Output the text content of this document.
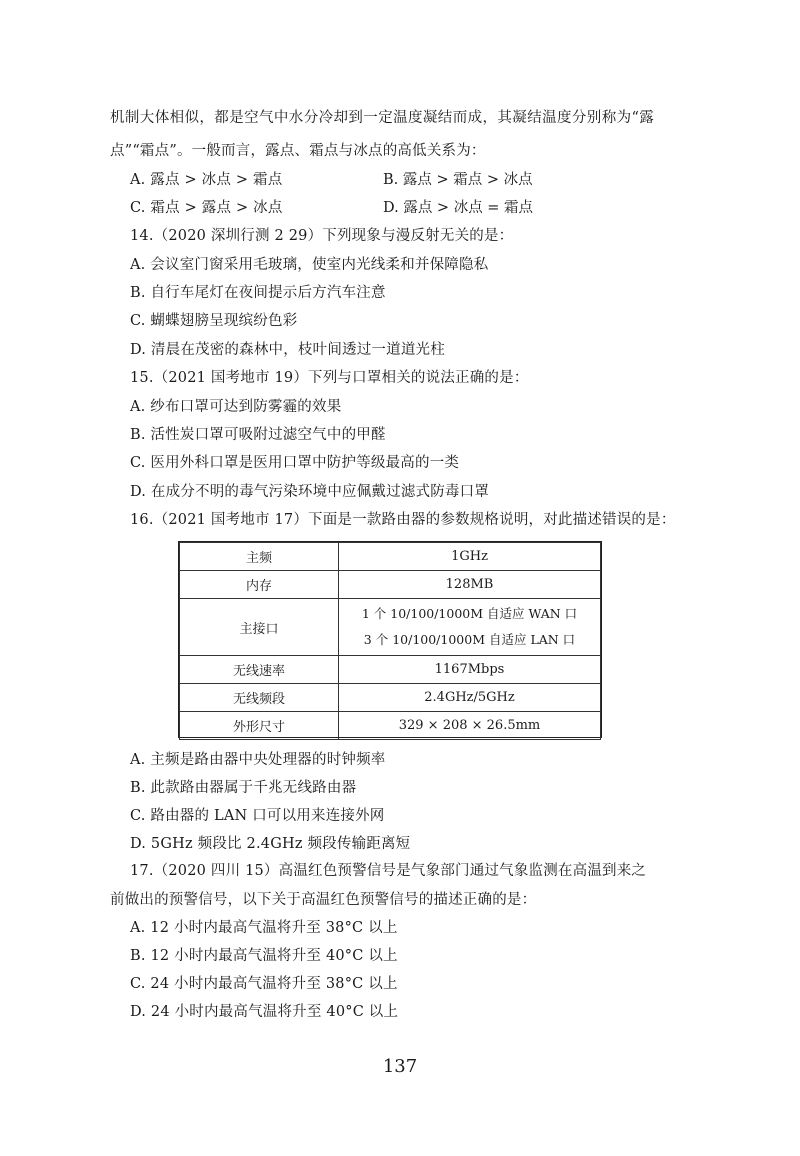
机制大体相似，都是空气中水分冷却到一定温度凝结而成，其凝结温度分别称为“露
点”“霜点”。一般而言，露点、霜点与冰点的高低关系为：
A. 露点 > 冰点 > 霜点	B. 露点 > 霜点 > 冰点
C. 霜点 > 露点 > 冰点	D. 露点 > 冰点 = 霜点
14.（2020 深圳行测 2 29）下列现象与漫反射无关的是：
A. 会议室门窗采用毛玻璃，使室内光线柔和并保障隐私
B. 自行车尾灯在夜间提示后方汽车注意
C. 蝴蝶翅膀呈现缤纷色彩
D. 清晨在茂密的森林中，枝叶间透过一道道光柱
15.（2021 国考地市 19）下列与口罩相关的说法正确的是：
A. 纱布口罩可达到防雾霾的效果
B. 活性炭口罩可吸附过滤空气中的甲醛
C. 医用外科口罩是医用口罩中防护等级最高的一类
D. 在成分不明的毒气污染环境中应佩戴过滤式防毒口罩
16.（2021 国考地市 17）下面是一款路由器的参数规格说明，对此描述错误的是：
主频	1GHz
内存	128MB
主接口	1 个 10/100/1000M 自适应 WAN 口
3 个 10/100/1000M 自适应 LAN 口

无线速率	1167Mbps
无线频段	2.4GHz/5GHz
外形尺寸	329 × 208 × 26.5mm
A. 主频是路由器中央处理器的时钟频率
B. 此款路由器属于千兆无线路由器
C. 路由器的 LAN 口可以用来连接外网
D. 5GHz 频段比 2.4GHz 频段传输距离短
17.（2020 四川 15）高温红色预警信号是气象部门通过气象监测在高温到来之
前做出的预警信号，以下关于高温红色预警信号的描述正确的是：
A. 12 小时内最高气温将升至 38°C 以上
B. 12 小时内最高气温将升至 40°C 以上
C. 24 小时内最高气温将升至 38°C 以上
D. 24 小时内最高气温将升至 40°C 以上
137
